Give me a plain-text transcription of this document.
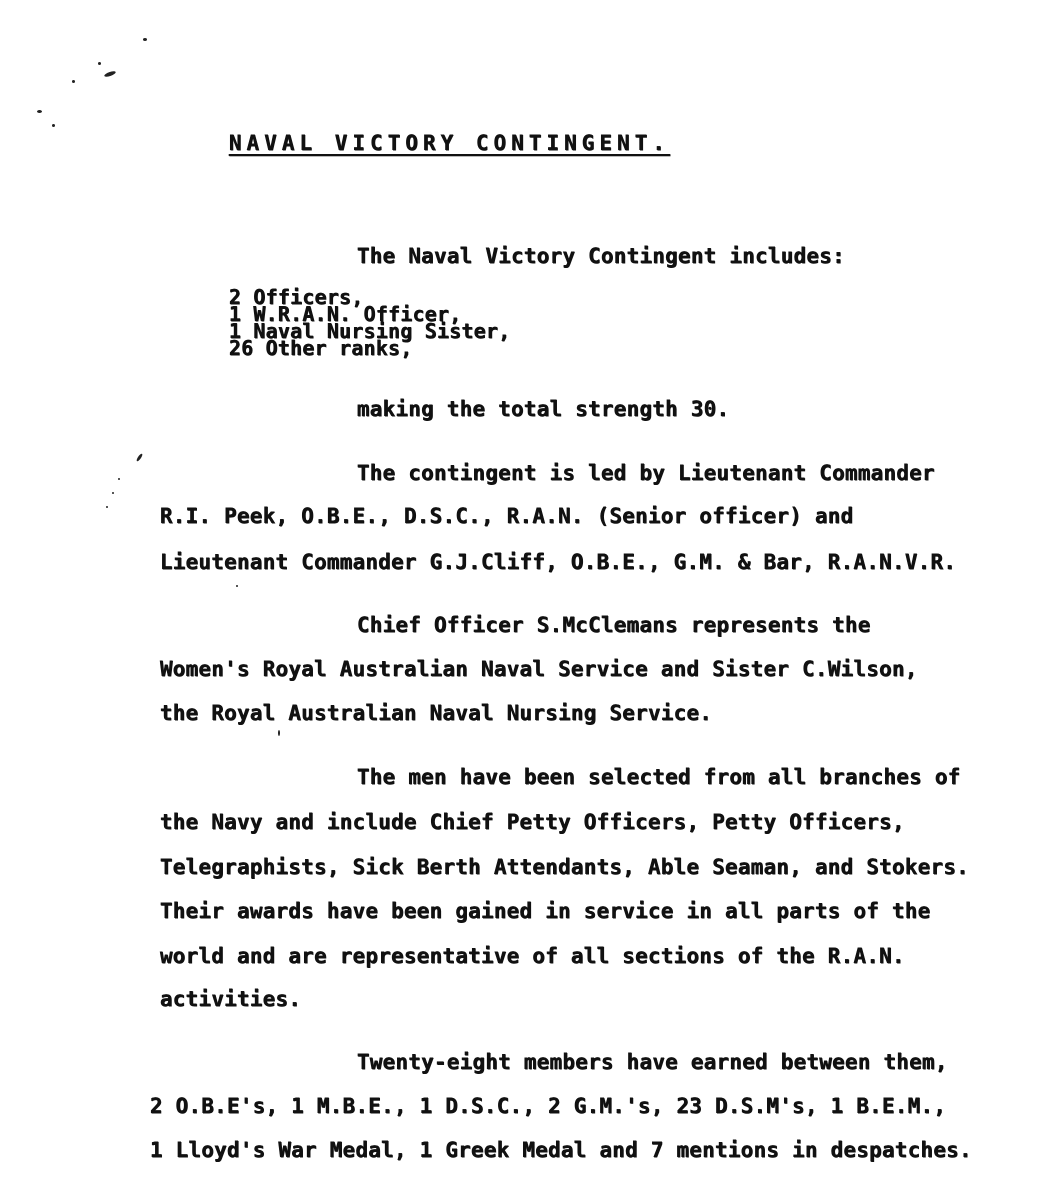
NAVAL VICTORY CONTINGENT.
The Naval Victory Contingent includes:
2 Officers,
1 W.R.A.N. Officer,
1 Naval Nursing Sister,
26 Other ranks,
making the total strength 30.
The contingent is led by Lieutenant Commander
R.I. Peek, O.B.E., D.S.C., R.A.N. (Senior officer) and
Lieutenant Commander G.J.Cliff, O.B.E., G.M. & Bar, R.A.N.V.R.
Chief Officer S.McClemans represents the
Women's Royal Australian Naval Service and Sister C.Wilson,
the Royal Australian Naval Nursing Service.
The men have been selected from all branches of
the Navy and include Chief Petty Officers, Petty Officers,
Telegraphists, Sick Berth Attendants, Able Seaman, and Stokers.
Their awards have been gained in service in all parts of the
world and are representative of all sections of the R.A.N.
activities.
Twenty-eight members have earned between them,
2 O.B.E's, 1 M.B.E., 1 D.S.C., 2 G.M.'s, 23 D.S.M's, 1 B.E.M.,
1 Lloyd's War Medal, 1 Greek Medal and 7 mentions in despatches.
